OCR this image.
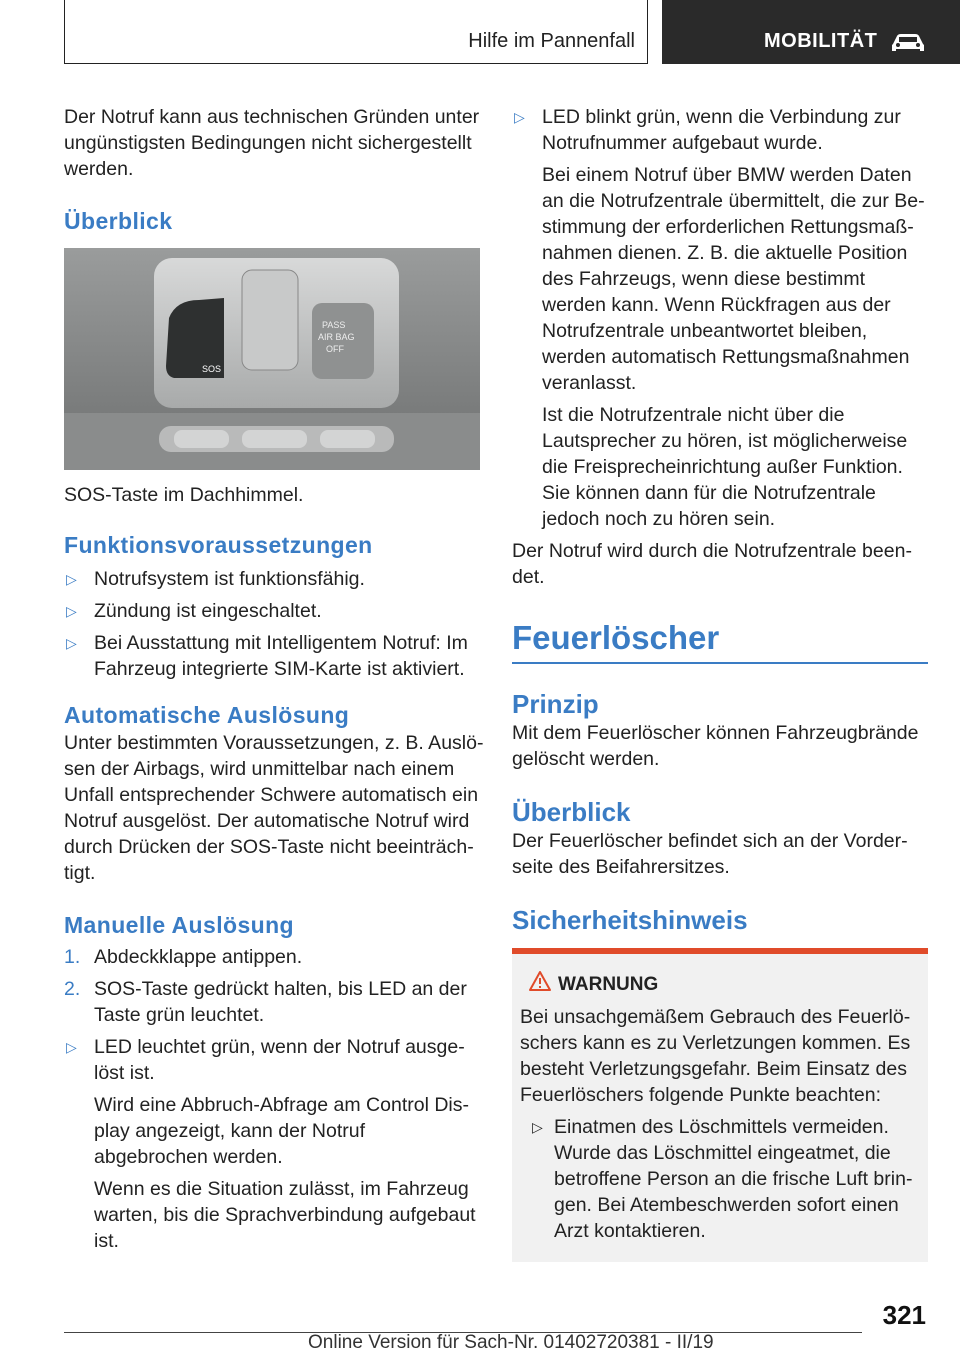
Hilfe im Pannenfall	MOBILITÄT

Der Notruf kann aus technischen Gründen unter ungünstigsten Bedingungen nicht sichergestellt werden.

Überblick
SOS
PASS
AIR BAG
OFF

SOS-Taste im Dachhimmel.

Funktionsvoraussetzungen
▷ Notrufsystem ist funktionsfähig.
▷ Zündung ist eingeschaltet.
▷ Bei Ausstattung mit Intelligentem Notruf: Im Fahrzeug integrierte SIM-Karte ist aktiviert.
Automatische Auslösung

Unter bestimmten Voraussetzungen, z. B. Auslösen der Airbags, wird unmittelbar nach einem Unfall entsprechender Schwere automatisch ein Notruf ausgelöst. Der automatische Notruf wird durch Drücken der SOS-Taste nicht beeinträchtigt.

Manuelle Auslösung
1. Abdeckklappe antippen.
2. SOS-Taste gedrückt halten, bis LED an der Taste grün leuchtet.
▷ LED leuchtet grün, wenn der Notruf ausgelöst ist.
Wird eine Abbruch-Abfrage am Control Display angezeigt, kann der Notruf abgebrochen werden.
Wenn es die Situation zulässt, im Fahrzeug warten, bis die Sprachverbindung aufgebaut ist.
▷ LED blinkt grün, wenn die Verbindung zur Notrufnummer aufgebaut wurde.
Bei einem Notruf über BMW werden Daten an die Notrufzentrale übermittelt, die zur Bestimmung der erforderlichen Rettungsmaßnahmen dienen. Z. B. die aktuelle Position des Fahrzeugs, wenn diese bestimmt werden kann. Wenn Rückfragen aus der Notrufzentrale unbeantwortet bleiben, werden automatisch Rettungsmaßnahmen veranlasst.
Ist die Notrufzentrale nicht über die Lautsprecher zu hören, ist möglicherweise die Freisprecheinrichtung außer Funktion. Sie können dann für die Notrufzentrale jedoch noch zu hören sein.

Der Notruf wird durch die Notrufzentrale beendet.

Feuerlöscher
Prinzip

Mit dem Feuerlöscher können Fahrzeugbrände gelöscht werden.

Überblick

Der Feuerlöscher befindet sich an der Vorderseite des Beifahrersitzes.

Sicherheitshinweis
WARNUNG

Bei unsachgemäßem Gebrauch des Feuerlöschers kann es zu Verletzungen kommen. Es besteht Verletzungsgefahr. Beim Einsatz des Feuerlöschers folgende Punkte beachten:

▷ Einatmen des Löschmittels vermeiden. Wurde das Löschmittel eingeatmet, die betroffene Person an die frische Luft bringen. Bei Atembeschwerden sofort einen Arzt kontaktieren.
321
Online Version für Sach-Nr. 01402720381 - II/19
